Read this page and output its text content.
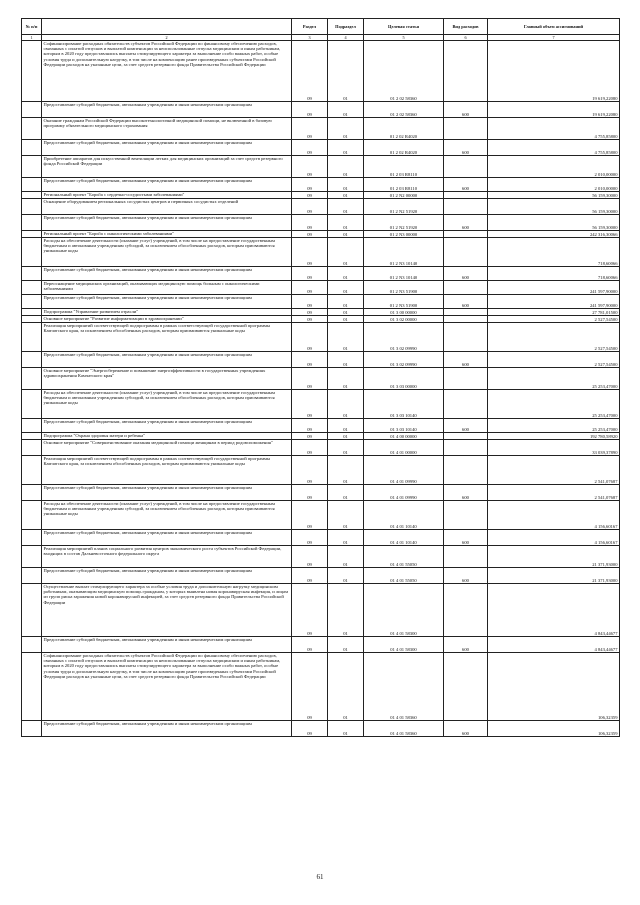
№ п/п		Раздел	Подраздел	Целевая статья	Вид расходов	Главный объем ассигнований
1	2	3	4	5	6	7
	Софинансирование расходных обязательств субъектов Российской Федерации по финансовому обеспечению расходов, связанных с оплатой отпусков и выплатой компенсации за неиспользованные отпуска медицинским и иным работникам, которым в 2020 году предоставлялись выплаты стимулирующего характера за выполнение особо важных работ, особые условия труда и дополнительную нагрузку, в том числе на компенсацию ранее произведенных субъектами Российской Федерации расходов на указанные цели, за счет средств резервного фонда Правительства Российской Федерации	09	01	01 2 02 58360		19 619,22080
	Предоставление субсидий бюджетным, автономным учреждениям и иным некоммерческим организациям	09	01	01 2 02 58360	600	19 619,22080
	Оказание гражданам Российской Федерации высокотехнологичной медицинской помощи, не включенной в базовую программу обязательного медицинского страхования	09	01	01 2 02 R4020		4 755,85800
	Предоставление субсидий бюджетным, автономным учреждениям и иным некоммерческим организациям	09	01	01 2 02 R4020	600	4 755,85800
	Приобретение аппаратов для искусственной вентиляции легких для медицинских организаций за счет средств резервного фонда Российской Федерации	09	01	01 2 03 R8110		2 010,00000
	Предоставление субсидий бюджетным, автономным учреждениям и иным некоммерческим организациям	09	01	01 2 03 R8110	600	2 010,00000
	Региональный проект "Борьба с сердечно-сосудистыми заболеваниями"	09	01	01 2 N2 00000		56 159,30000
	Оснащение оборудованием региональных сосудистых центров и первичных сосудистых отделений	09	01	01 2 N2 51920		56 159,30000
	Предоставление субсидий бюджетным, автономным учреждениям и иным некоммерческим организациям	09	01	01 2 N2 51920	600	56 159,30000
	Региональный проект "Борьба с онкологическими заболеваниями"	09	01	01 2 N3 00000		242 316,30066
	Расходы на обеспечение деятельности (оказание услуг) учреждений, в том числе на предоставление государственным бюджетным и автономным учреждениям субсидий, за исключением обособленных расходов, которым присваиваются уникальные коды	09	01	01 2 N3 10140		718,60066
	Предоставление субсидий бюджетным, автономным учреждениям и иным некоммерческим организациям	09	01	01 2 N3 10140	600	718,60066
	Переоснащение медицинских организаций, оказывающих медицинскую помощь больным с онкологическими заболеваниями	09	01	01 2 N3 51900		241 597,90000
	Предоставление субсидий бюджетным, автономным учреждениям и иным некоммерческим организациям	09	01	01 2 N3 51900	600	241 597,90000
	Подпрограмма "Управление развитием отрасли"	09	01	01 3 00 00000		27 781,01500
	Основное мероприятие "Развитие информатизации в здравоохранении"	09	01	01 3 02 00000		2 527,54500
	Реализация мероприятий соответствующей подпрограммы в рамках соответствующей государственной программы Камчатского края, за исключением обособленных расходов, которым присваиваются уникальные коды	09	01	01 3 02 09990		2 527,54500
	Предоставление субсидий бюджетным, автономным учреждениям и иным некоммерческим организациям	09	01	01 3 02 09990	600	2 527,54500
	Основное мероприятие "Энергосбережение и повышение энергоэффективности в государственных учреждениях здравоохранения Камчатского края"	09	01	01 3 03 00000		25 253,47000
	Расходы на обеспечение деятельности (оказание услуг) учреждений, в том числе на предоставление государственным бюджетным и автономным учреждениям субсидий, за исключением обособленных расходов, которым присваиваются уникальные коды	09	01	01 3 03 10140		25 253,47000
	Предоставление субсидий бюджетным, автономным учреждениям и иным некоммерческим организациям	09	01	01 3 03 10140	600	25 253,47000
	Подпрограмма "Охрана здоровья матери и ребенка"	09	01	01 4 00 00000		192 780,58920
	Основное мероприятие "Совершенствование оказания медицинской помощи женщинам в период родовспоможения"	09	01	01 4 01 00000		33 039,37890
	Реализация мероприятий соответствующей подпрограммы в рамках соответствующей государственной программы Камчатского края, за исключением обособленных расходов, которым присваиваются уникальные коды	09	01	01 4 01 09990		2 541,07687
	Предоставление субсидий бюджетным, автономным учреждениям и иным некоммерческим организациям	09	01	01 4 01 09990	600	2 541,07687
	Расходы на обеспечение деятельности (оказание услуг) учреждений, в том числе на предоставление государственным бюджетным и автономным учреждениям субсидий, за исключением обособленных расходов, которым присваиваются уникальные коды	09	01	01 4 01 10140		4 156,60167
	Предоставление субсидий бюджетным, автономным учреждениям и иным некоммерческим организациям	09	01	01 4 01 10140	600	4 156,60167
	Реализация мероприятий планов социального развития центров экономического роста субъектов Российской Федерации, входящих в состав Дальневосточного федерального округа	09	01	01 4 01 55050		21 371,93000
	Предоставление субсидий бюджетным, автономным учреждениям и иным некоммерческим организациям	09	01	01 4 01 55050	600	21 371,93000
	Осуществление выплат стимулирующего характера за особые условия труда и дополнительную нагрузку медицинским работникам, оказывающим медицинскую помощь гражданам, у которых выявлена новая коронавирусная инфекция, и лицам из групп риска заражения новой коронавирусной инфекцией, за счет средств резервного фонда Правительства Российской Федерации	09	01	01 4 01 58300		4 843,44677
	Предоставление субсидий бюджетным, автономным учреждениям и иным некоммерческим организациям	09	01	01 4 01 58300	600	4 843,44677
	Софинансирование расходных обязательств субъектов Российской Федерации по финансовому обеспечению расходов, связанных с оплатой отпусков и выплатой компенсации за неиспользованные отпуска медицинским и иным работникам, которым в 2020 году предоставлялись выплаты стимулирующего характера за выполнение особо важных работ, особые условия труда и дополнительную нагрузку, в том числе на компенсацию ранее произведенных субъектами Российской Федерации расходов на указанные цели, за счет средств резервного фонда Правительства Российской Федерации	09	01	01 4 01 58360		106,32359
	Предоставление субсидий бюджетным, автономным учреждениям и иным некоммерческим организациям	09	01	01 4 01 58360	600	106,32359
61
